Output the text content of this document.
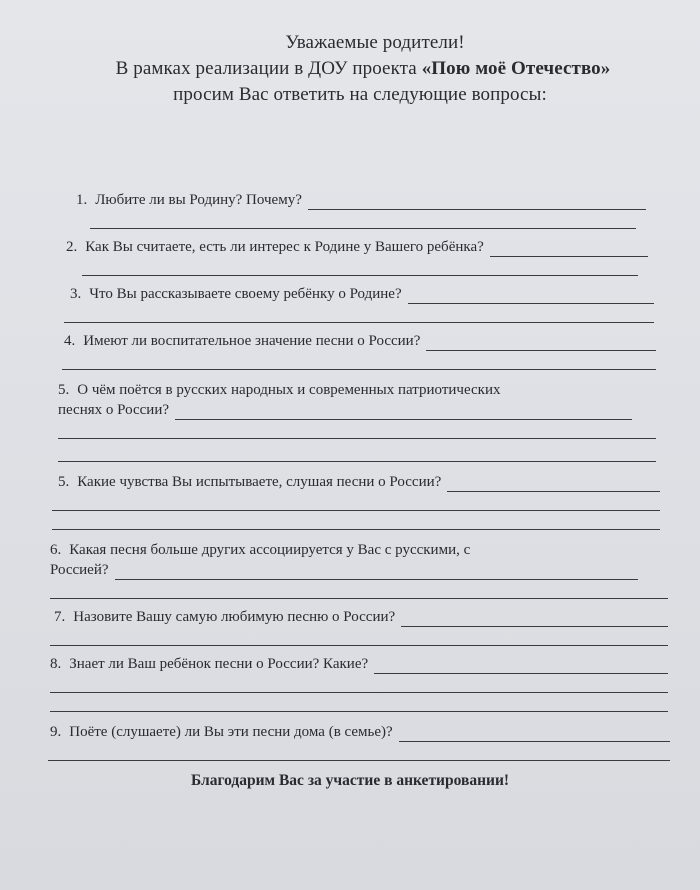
Уважаемые родители!
В рамках реализации в ДОУ проекта «Пою моё Отечество»
просим Вас ответить на следующие вопросы:
1. Любите ли вы Родину? Почему?
2. Как Вы считаете, есть ли интерес к Родине у Вашего ребёнка?
3. Что Вы рассказываете своему ребёнку о Родине?
4. Имеют ли воспитательное значение песни о России?
5. О чём поётся в русских народных и современных патриотических
песнях о России?
5. Какие чувства Вы испытываете, слушая песни о России?
6. Какая песня больше других ассоциируется у Вас с русскими, с
Россией?
7. Назовите Вашу самую любимую песню о России?
8. Знает ли Ваш ребёнок песни о России? Какие?
9. Поёте (слушаете) ли Вы эти песни дома (в семье)?
Благодарим Вас за участие в анкетировании!
